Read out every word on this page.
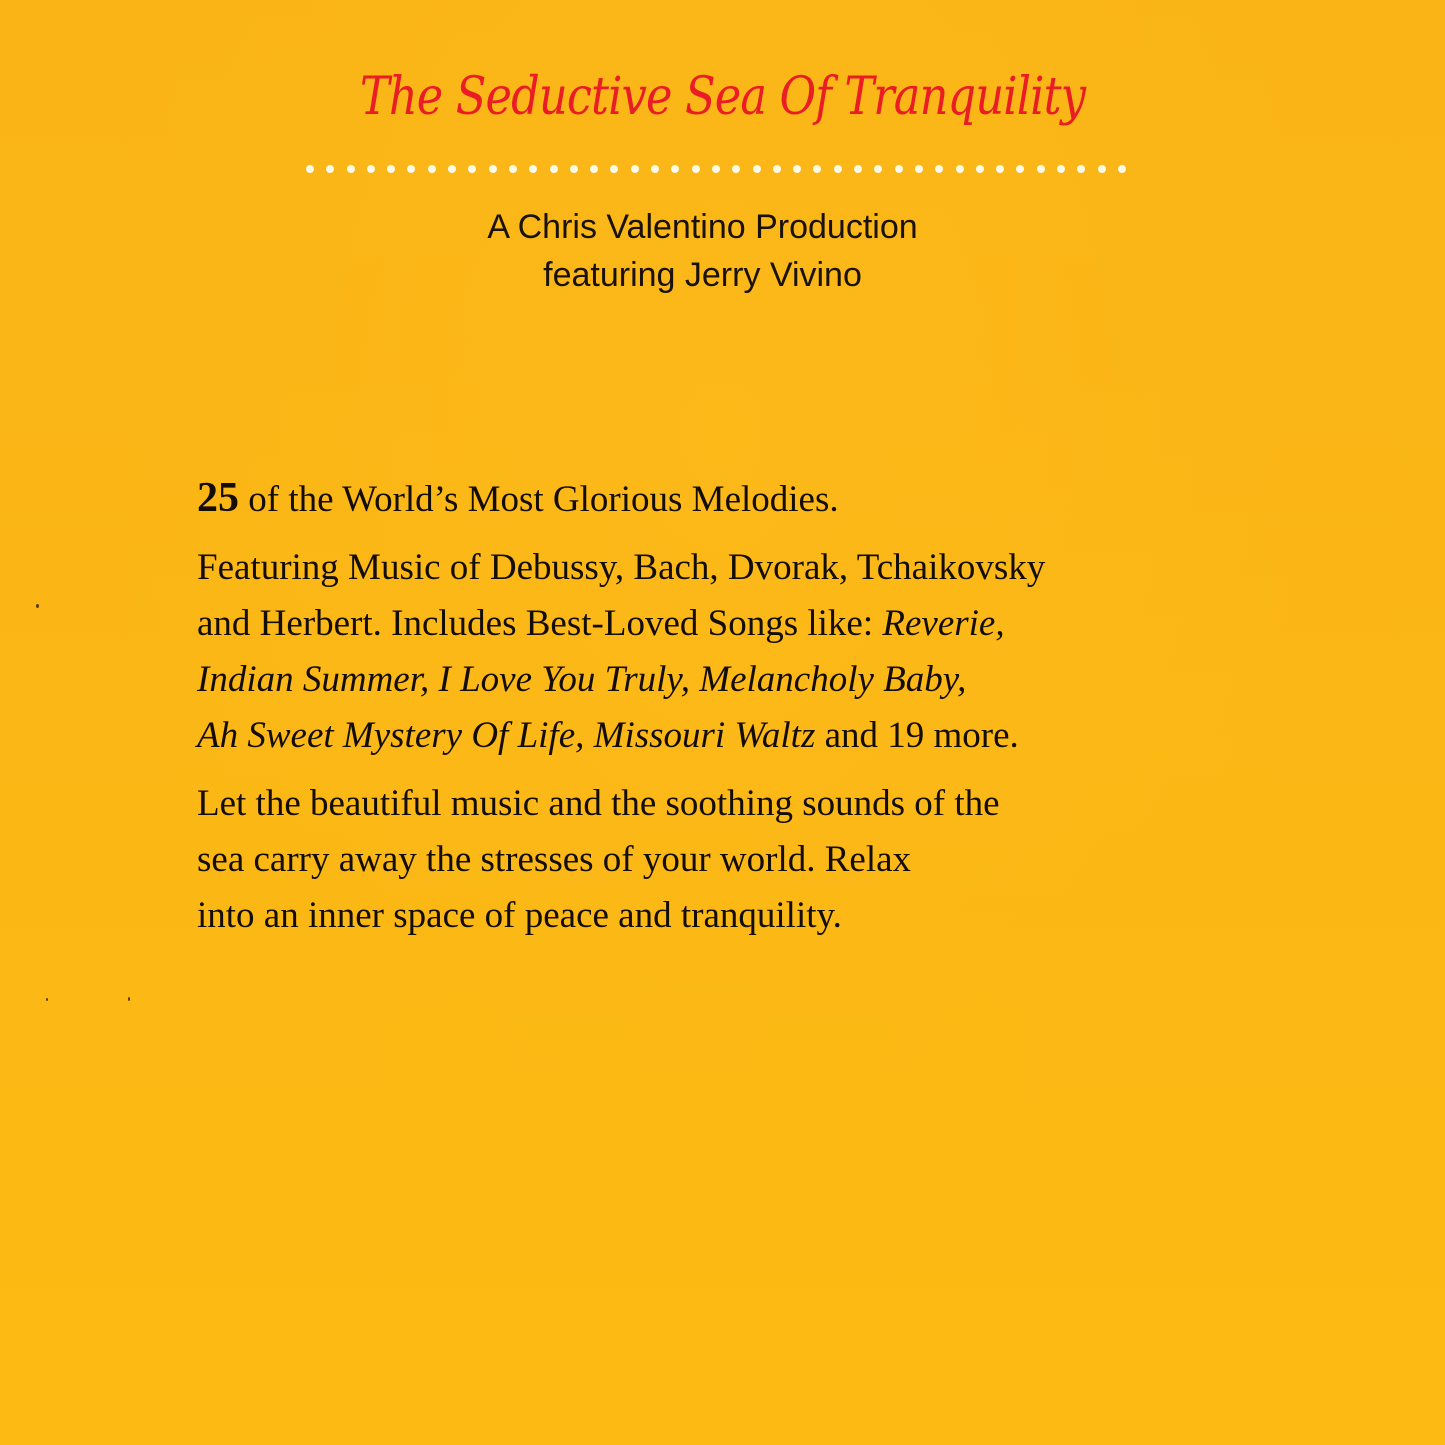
The Seductive Sea Of Tranquility
A Chris Valentino Production
featuring Jerry Vivino

25 of the World’s Most Glorious Melodies.

Featuring Music of Debussy, Bach, Dvorak, Tchaikovsky

and Herbert. Includes Best-Loved Songs like: Reverie,

Indian Summer, I Love You Truly, Melancholy Baby,

Ah Sweet Mystery Of Life, Missouri Waltz and 19 more.

Let the beautiful music and the soothing sounds of the

sea carry away the stresses of your world. Relax

into an inner space of peace and tranquility.
